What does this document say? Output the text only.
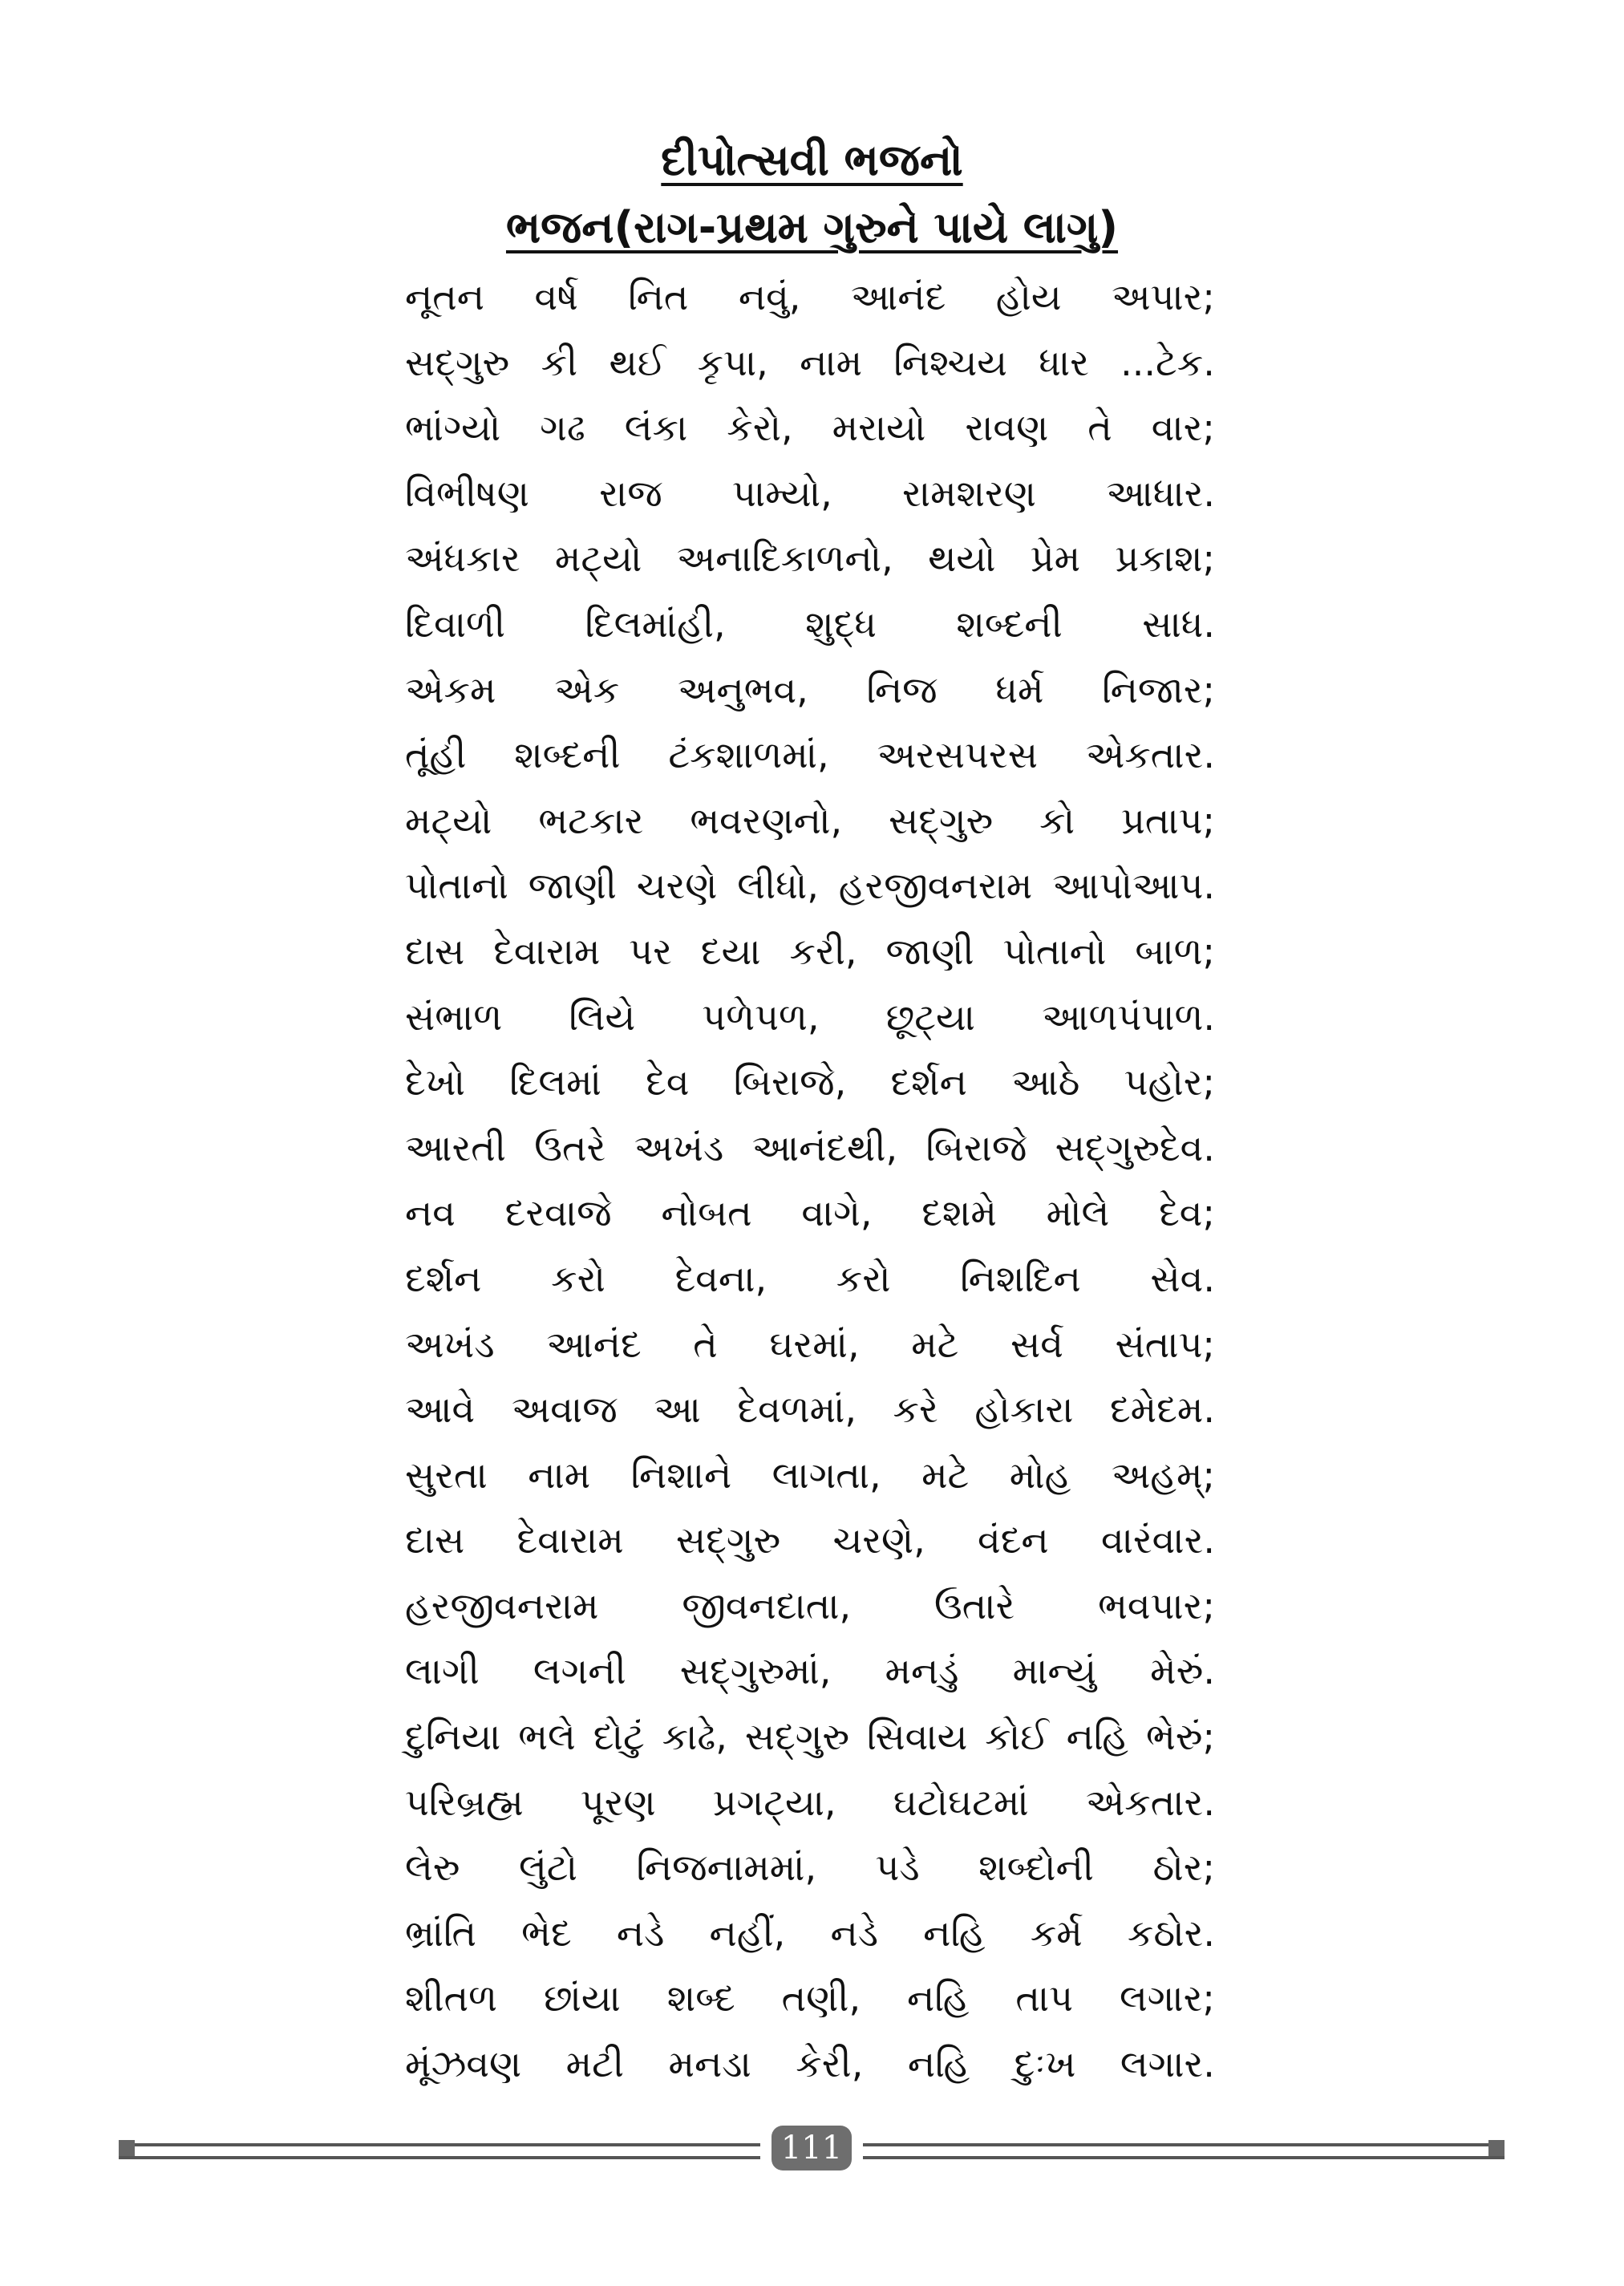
દીપોત્સવી ભજનો
ભજન(રાગ-પ્રથમ ગુરુને પાયે લાગુ)
નૂતન વર્ષ નિત નવું, આનંદ હોય અપાર;
સદ્ગુરુ કી થઈ કૃપા, નામ નિશ્ચય ધાર ...ટેક.
ભાંગ્યો ગઢ લંકા કેરો, મરાયો રાવણ તે વાર;
વિભીષણ રાજ પામ્યો, રામશરણ આધાર.
અંધકાર મટ્યો અનાદિકાળનો, થયો પ્રેમ પ્રકાશ;
દિવાળી દિલમાંહી, શુદ્ધ શબ્દની સાધ.
એકમ એક અનુભવ, નિજ ધર્મ નિજાર;
તૂંહી શબ્દની ટંકશાળમાં, અરસપરસ એકતાર.
મટ્યો ભટકાર ભવરણનો, સદ્ગુરુ કો પ્રતાપ;
પોતાનો જાણી ચરણે લીધો, હરજીવનરામ આપોઆપ.
દાસ દેવારામ પર દયા કરી, જાણી પોતાનો બાળ;
સંભાળ લિયે પળેપળ, છૂટ્યા આળપંપાળ.
દેખો દિલમાં દેવ બિરાજે, દર્શન આઠે પહોર;
આરતી ઉતરે અખંડ આનંદથી, બિરાજે સદ્ગુરુદેવ.
નવ દરવાજે નોબત વાગે, દશમે મોલે દેવ;
દર્શન કરો દેવના, કરો નિશદિન સેવ.
અખંડ આનંદ તે ઘરમાં, મટે સર્વ સંતાપ;
આવે અવાજ આ દેવળમાં, કરે હોકારા દમેદમ.
સુરતા નામ નિશાને લાગતા, મટે મોહ અહમ્;
દાસ દેવારામ સદ્ગુરુ ચરણે, વંદન વારંવાર.
હરજીવનરામ જીવનદાતા, ઉતારે ભવપાર;
લાગી લગની સદ્ગુરુમાં, મનડું માન્યું મેરું.
દુનિયા ભલે દોટું કાઢે, સદ્ગુરુ સિવાય કોઈ નહિ ભેરું;
પરિબ્રહ્મ પૂરણ પ્રગટ્યા, ઘટોઘટમાં એકતાર.
લેરુ લુંટો નિજનામમાં, પડે શબ્દોની ઠોર;
ભ્રાંતિ ભેદ નડે નહીં, નડે નહિ કર્મ કઠોર.
શીતળ છાંયા શબ્દ તણી, નહિ તાપ લગાર;
મૂંઝવણ મટી મનડા કેરી, નહિ દુઃખ લગાર.
111
